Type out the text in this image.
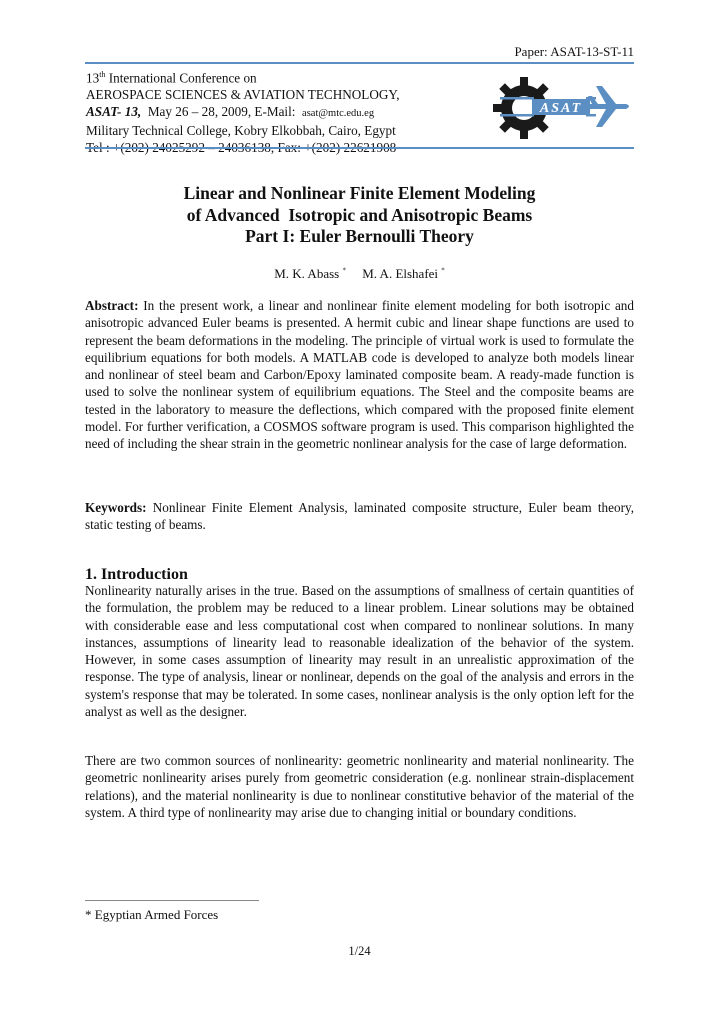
Paper: ASAT-13-ST-11
13th International Conference on
AEROSPACE SCIENCES & AVIATION TECHNOLOGY,
ASAT- 13,  May 26 – 28, 2009, E-Mail:  asat@mtc.edu.eg
Military Technical College, Kobry Elkobbah, Cairo, Egypt
ASAT
Linear and Nonlinear Finite Element Modeling
of Advanced  Isotropic and Anisotropic Beams
Part I: Euler Bernoulli Theory
M. K. Abass * M. A. Elshafei *
Abstract: In the present work, a linear and nonlinear finite element modeling for both isotropic and anisotropic advanced Euler beams is presented. A hermit cubic and linear shape functions are used to represent the beam deformations in the modeling. The principle of virtual work is used to formulate the equilibrium equations for both models. A MATLAB code is developed to analyze both models linear and nonlinear of steel beam and Carbon/Epoxy laminated composite beam. A ready-made function is used to solve the nonlinear system of equilibrium equations. The Steel and the composite beams are tested in the laboratory to measure the deflections, which compared with the proposed finite element model. For further verification, a COSMOS software program is used. This comparison highlighted the need of including the shear strain in the geometric nonlinear analysis for the case of large deformation.
Keywords: Nonlinear Finite Element Analysis, laminated composite structure, Euler beam theory, static testing of beams.
1. Introduction
Nonlinearity naturally arises in the true. Based on the assumptions of smallness of certain quantities of the formulation, the problem may be reduced to a linear problem. Linear solutions may be obtained with considerable ease and less computational cost when compared to nonlinear solutions. In many instances, assumptions of linearity lead to reasonable idealization of the behavior of the system. However, in some cases assumption of linearity may result in an unrealistic approximation of the response. The type of analysis, linear or nonlinear, depends on the goal of the analysis and errors in the system's response that may be tolerated. In some cases, nonlinear analysis is the only option left for the analyst as well as the designer.
There are two common sources of nonlinearity: geometric nonlinearity and material nonlinearity. The geometric nonlinearity arises purely from geometric consideration (e.g. nonlinear strain-displacement relations), and the material nonlinearity is due to nonlinear constitutive behavior of the material of the system. A third type of nonlinearity may arise due to changing initial or boundary conditions.
* Egyptian Armed Forces
1/24
